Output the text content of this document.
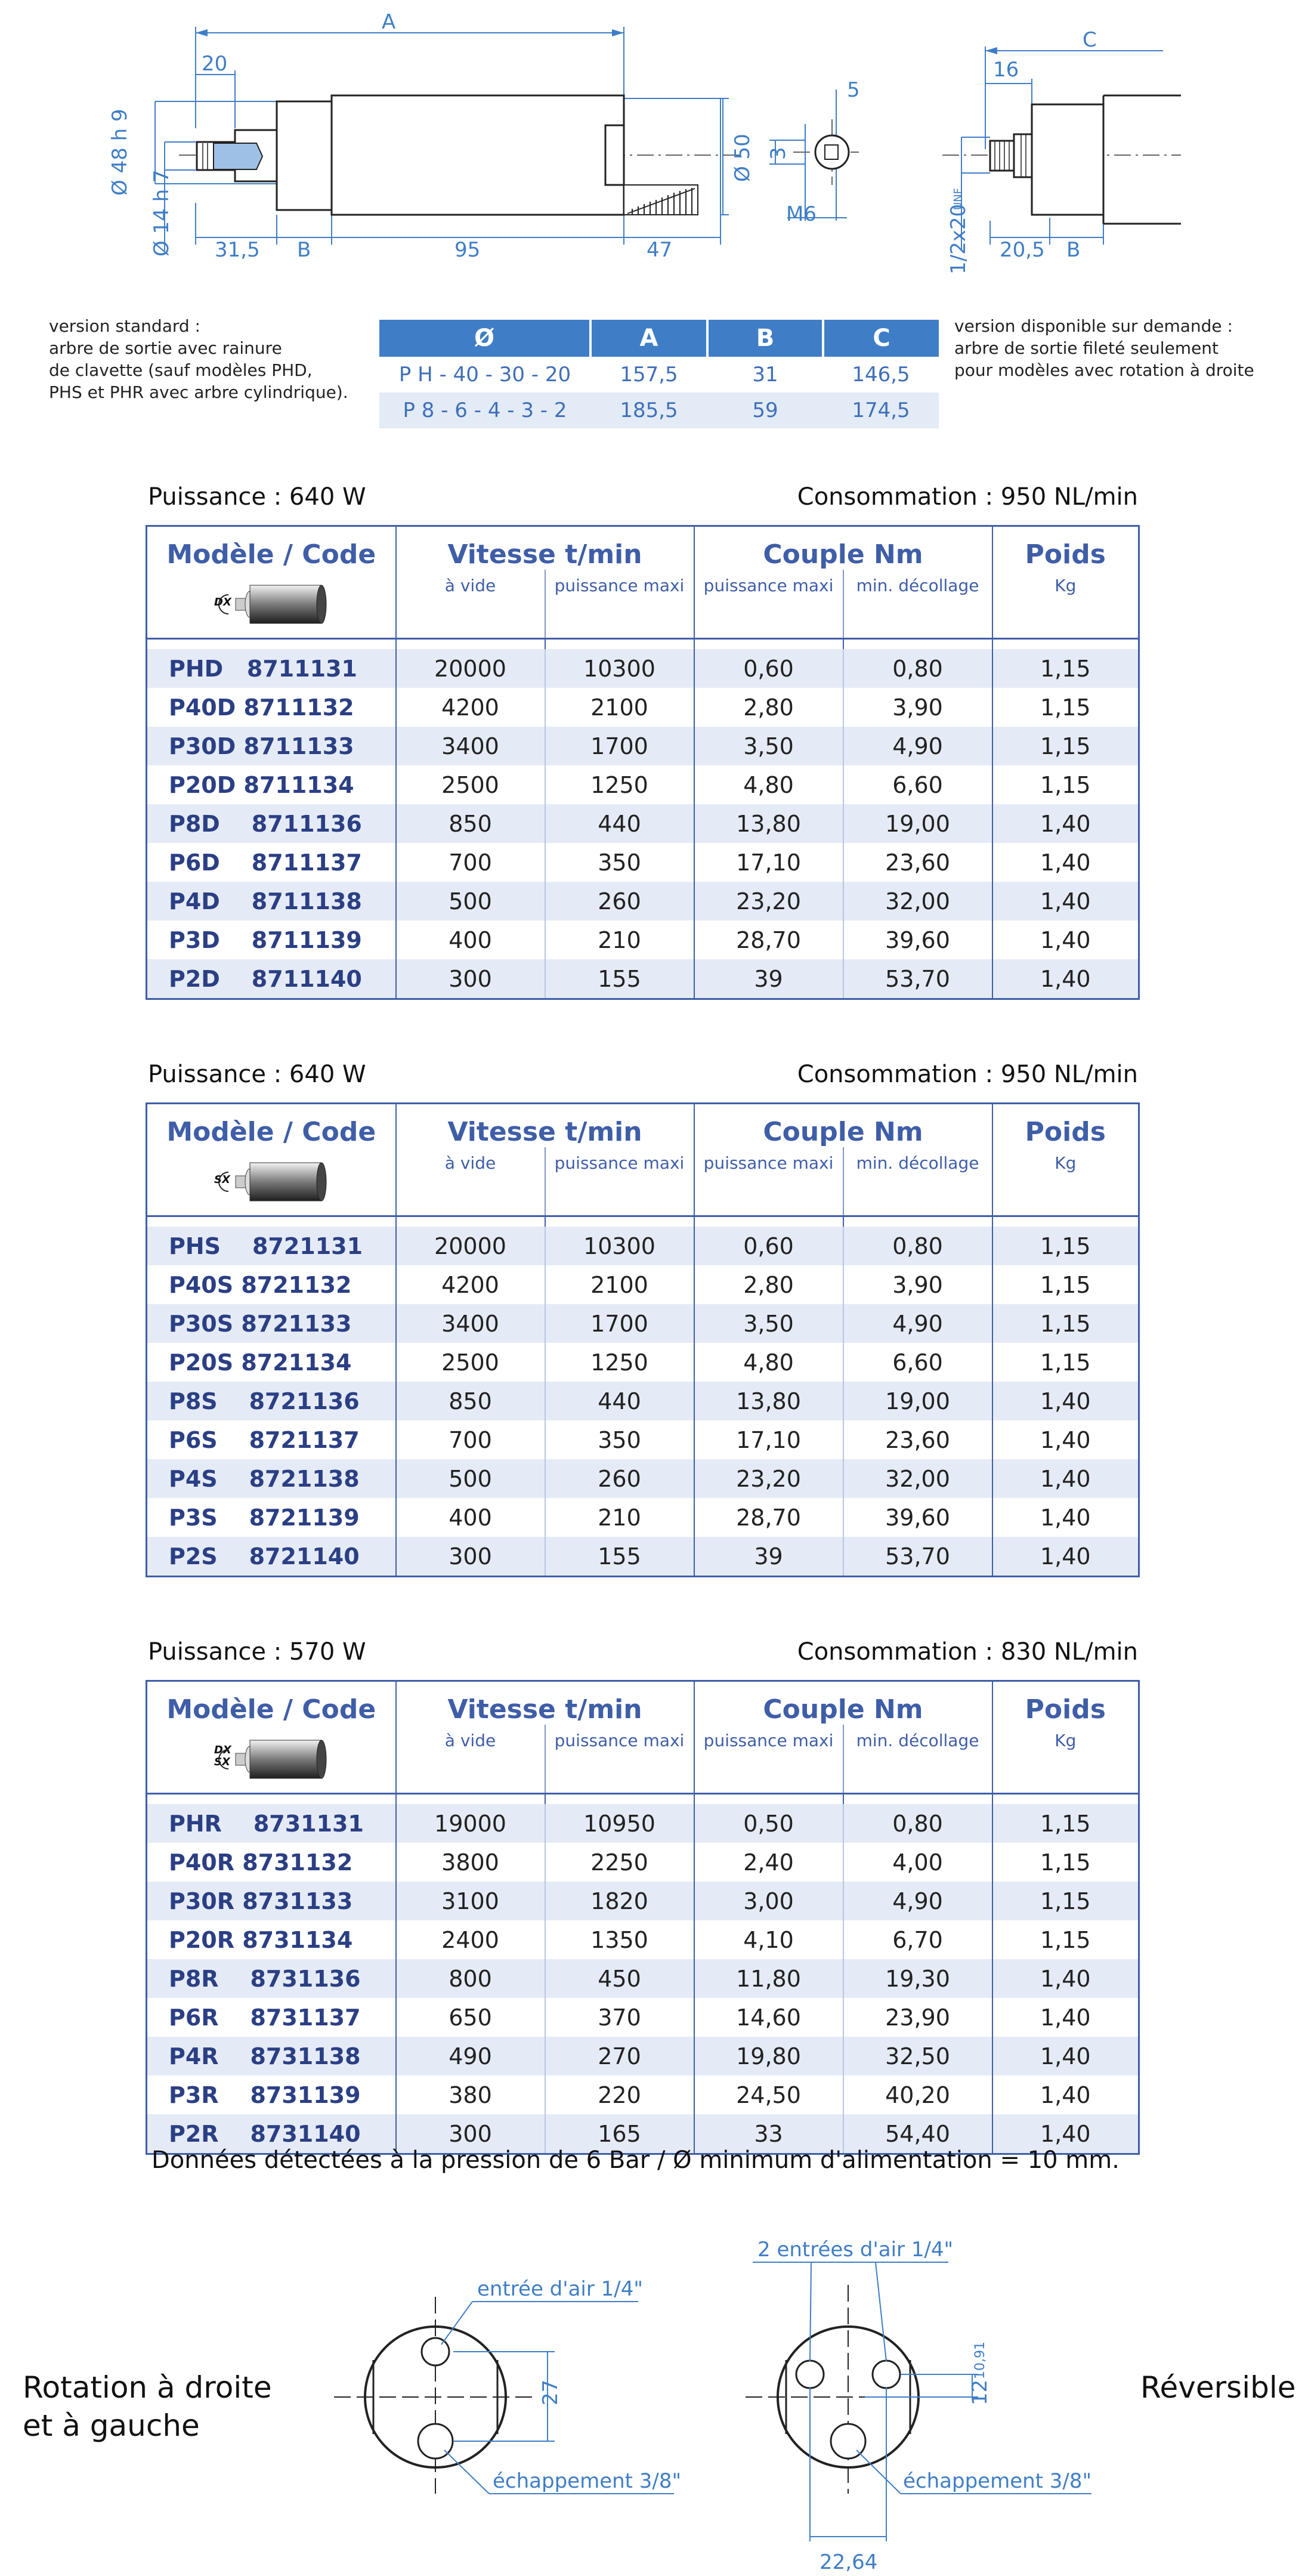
A
20
5
C
16
31,5 B	95	47
M6
20,5 B
Ø 48 h 9
Ø 14 h 7
Ø 50 3
1/2x20
UNF
version standard :
arbre de sortie avec rainure
de clavette (sauf modèles PHD,
PHS et PHR avec arbre cylindrique).
version disponible sur demande :
arbre de sortie fileté seulement
pour modèles avec rotation à droite
Ø	A	B	C
P H - 40 - 30 - 20	157,5	31	146,5
P 8 - 6 - 4 - 3 - 2	185,5	59	174,5
Puissance : 640 W	Consommation : 950 NL/min
Modèle / Code	Vitesse t/min		Couple Nm		Poids

DX	à vide	puissance maxi	puissance maxi	min. décollage	Kg

PHD   8711131	20000	10300	0,60	0,80	1,15
P40D 8711132	4200	2100	2,80	3,90	1,15
P30D 8711133	3400	1700	3,50	4,90	1,15
P20D 8711134	2500	1250	4,80	6,60	1,15
P8D    8711136	850	440	13,80	19,00	1,40
P6D    8711137	700	350	17,10	23,60	1,40
P4D    8711138	500	260	23,20	32,00	1,40
P3D    8711139	400	210	28,70	39,60	1,40
P2D    8711140	300	155	39	53,70	1,40
Puissance : 640 W	Consommation : 950 NL/min
Modèle / Code	Vitesse t/min		Couple Nm		Poids

SX	à vide	puissance maxi	puissance maxi	min. décollage	Kg

PHS    8721131	20000	10300	0,60	0,80	1,15
P40S 8721132	4200	2100	2,80	3,90	1,15
P30S 8721133	3400	1700	3,50	4,90	1,15
P20S 8721134	2500	1250	4,80	6,60	1,15
P8S    8721136	850	440	13,80	19,00	1,40
P6S    8721137	700	350	17,10	23,60	1,40
P4S    8721138	500	260	23,20	32,00	1,40
P3S    8721139	400	210	28,70	39,60	1,40
P2S    8721140	300	155	39	53,70	1,40
Puissance : 570 W	Consommation : 830 NL/min
Modèle / Code	Vitesse t/min		Couple Nm		Poids

DX
SX	à vide	puissance maxi	puissance maxi	min. décollage	Kg

PHR    8731131	19000	10950	0,50	0,80	1,15
P40R 8731132	3800	2250	2,40	4,00	1,15
P30R 8731133	3100	1820	3,00	4,90	1,15
P20R 8731134	2400	1350	4,10	6,70	1,15
P8R    8731136	800	450	11,80	19,30	1,40
P6R    8731137	650	370	14,60	23,90	1,40
P4R    8731138	490	270	19,80	32,50	1,40
P3R    8731139	380	220	24,50	40,20	1,40
P2R    8731140	300	165	33	54,40	1,40
Données détectées à la pression de 6 Bar / Ø minimum d'alimentation = 10 mm.
Rotation à droite
et à gauche
Réversible
entrée d'air 1/4"
échappement 3/8"
27
2 entrées d'air 1/4"
échappement 3/8"
12
10,91
22,64
